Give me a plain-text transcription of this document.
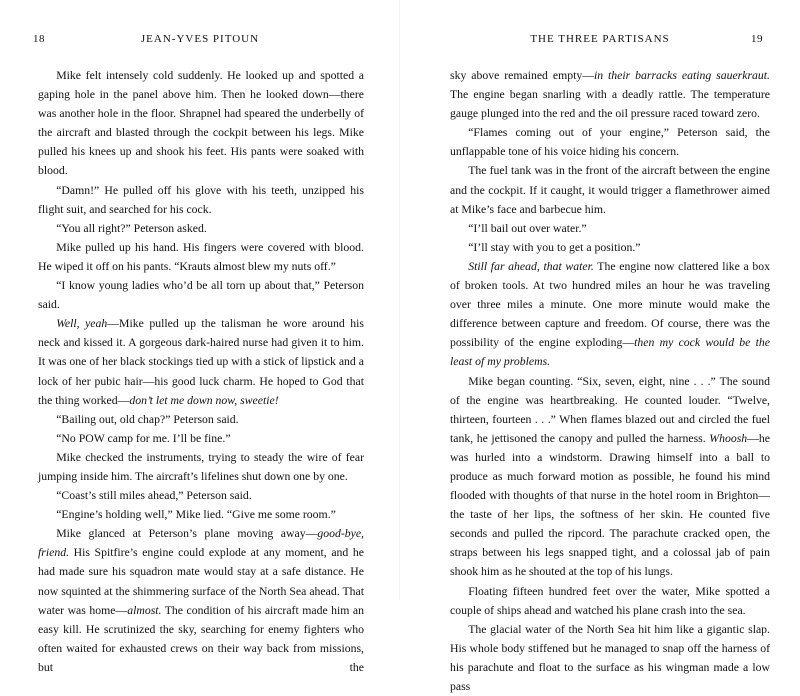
18	JEAN-YVES PITOUN

Mike felt intensely cold suddenly. He looked up and spotted a gaping hole in the panel above him. Then he looked down—there was another hole in the floor. Shrapnel had speared the underbelly of the aircraft and blasted through the cockpit between his legs. Mike pulled his knees up and shook his feet. His pants were soaked with blood.

“Damn!” He pulled off his glove with his teeth, unzipped his flight suit, and searched for his cock.

“You all right?” Peterson asked.

Mike pulled up his hand. His fingers were covered with blood. He wiped it off on his pants. “Krauts almost blew my nuts off.”

“I know young ladies who’d be all torn up about that,” Peterson said.

Well, yeah—Mike pulled up the talisman he wore around his neck and kissed it. A gorgeous dark-haired nurse had given it to him. It was one of her black stockings tied up with a stick of lipstick and a lock of her pubic hair—his good luck charm. He hoped to God that the thing worked—don’t let me down now, sweetie!

“Bailing out, old chap?” Peterson said.

“No POW camp for me. I’ll be fine.”

Mike checked the instruments, trying to steady the wire of fear jumping inside him. The aircraft’s lifelines shut down one by one.

“Coast’s still miles ahead,” Peterson said.

“Engine’s holding well,” Mike lied. “Give me some room.”

Mike glanced at Peterson’s plane moving away—good-bye, friend. His Spitfire’s engine could explode at any moment, and he had made sure his squadron mate would stay at a safe distance. He now squinted at the shimmering surface of the North Sea ahead. That water was home—almost. The condition of his aircraft made him an easy kill. He scrutinized the sky, searching for enemy fighters who often waited for exhausted crews on their way back from missions, but the

THE THREE PARTISANS	19

sky above remained empty—in their barracks eating sauerkraut. The engine began snarling with a deadly rattle. The temperature gauge plunged into the red and the oil pressure raced toward zero.

“Flames coming out of your engine,” Peterson said, the unflappable tone of his voice hiding his concern.

The fuel tank was in the front of the aircraft between the engine and the cockpit. If it caught, it would trigger a flamethrower aimed at Mike’s face and barbecue him.

“I’ll bail out over water.”

“I’ll stay with you to get a position.”

Still far ahead, that water. The engine now clattered like a box of broken tools. At two hundred miles an hour he was traveling over three miles a minute. One more minute would make the difference between capture and freedom. Of course, there was the possibility of the engine exploding—then my cock would be the least of my problems.

Mike began counting. “Six, seven, eight, nine . . .” The sound of the engine was heartbreaking. He counted louder. “Twelve, thirteen, fourteen . . .” When flames blazed out and circled the fuel tank, he jettisoned the canopy and pulled the harness. Whoosh—he was hurled into a windstorm. Drawing himself into a ball to produce as much forward motion as possible, he found his mind flooded with thoughts of that nurse in the hotel room in Brighton—the taste of her lips, the softness of her skin. He counted five seconds and pulled the ripcord. The parachute cracked open, the straps between his legs snapped tight, and a colossal jab of pain shook him as he shouted at the top of his lungs.

Floating fifteen hundred feet over the water, Mike spotted a couple of ships ahead and watched his plane crash into the sea.

The glacial water of the North Sea hit him like a gigantic slap. His whole body stiffened but he managed to snap off the harness of his parachute and float to the surface as his wingman made a low pass
